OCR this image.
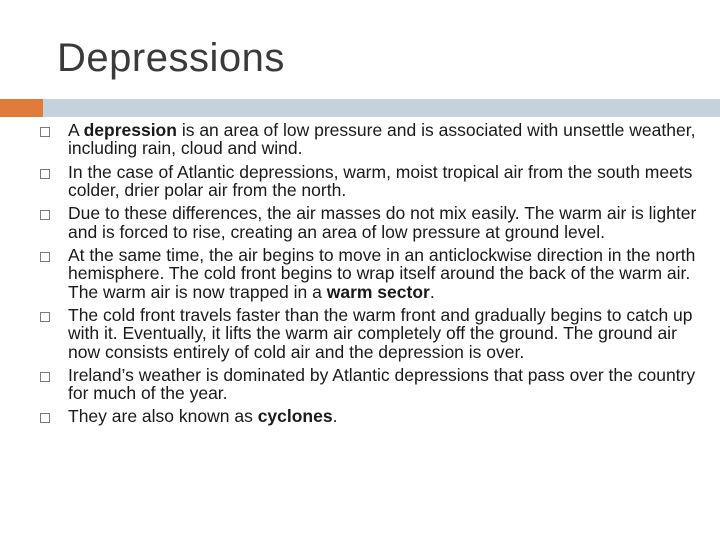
Depressions
A depression is an area of low pressure and is associated with unsettle weather, including rain, cloud and wind.
In the case of Atlantic depressions, warm, moist tropical air from the south meets colder, drier polar air from the north.
Due to these differences, the air masses do not mix easily. The warm air is lighter and is forced to rise, creating an area of low pressure at ground level.
At the same time, the air begins to move in an anticlockwise direction in the north hemisphere. The cold front begins to wrap itself around the back of the warm air. The warm air is now trapped in a warm sector.
The cold front travels faster than the warm front and gradually begins to catch up with it. Eventually, it lifts the warm air completely off the ground. The ground air now consists entirely of cold air and the depression is over.
Ireland’s weather is dominated by Atlantic depressions that pass over the country for much of the year.
They are also known as cyclones.
